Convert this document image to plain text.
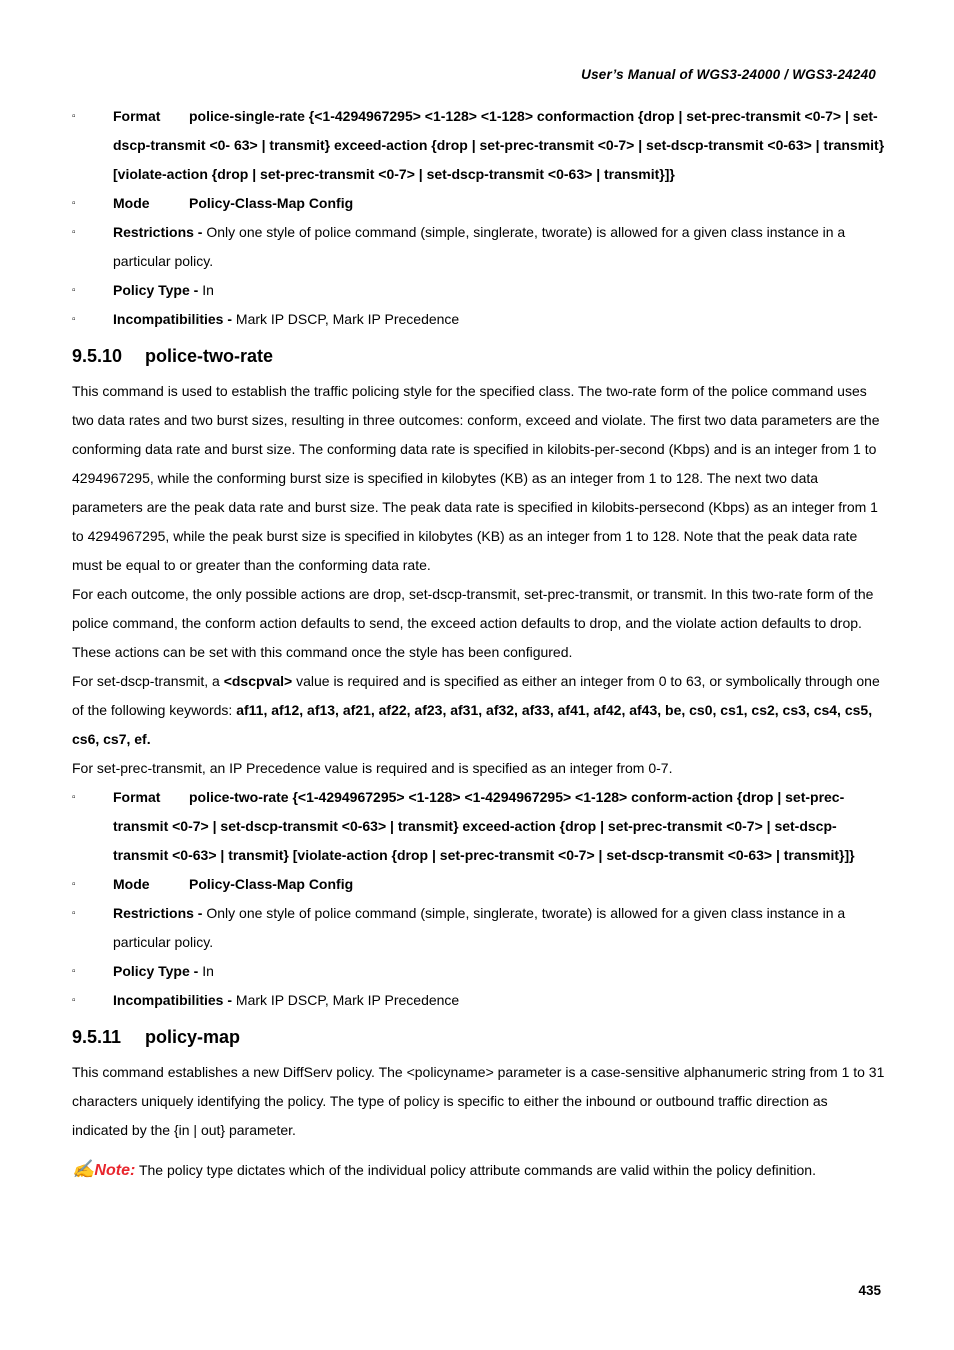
User’s Manual of WGS3-24000 / WGS3-24240
▫	Format police-single-rate {<1-4294967295> <1-128> <1-128> conformaction {drop | set-prec-transmit <0-7> | set-dscp-transmit <0- 63> | transmit} exceed-action {drop | set-prec-transmit <0-7> | set-dscp-transmit <0-63> | transmit} [violate-action {drop | set-prec-transmit <0-7> | set-dscp-transmit <0-63> | transmit}]}
▫	Mode	Policy-Class-Map Config
▫	Restrictions - Only one style of police command (simple, singlerate, tworate) is allowed for a given class instance in a particular policy.
▫	Policy Type - In
▫	Incompatibilities - Mark IP DSCP, Mark IP Precedence
9.5.10 police-two-rate
This command is used to establish the traffic policing style for the specified class. The two-rate form of the police command uses two data rates and two burst sizes, resulting in three outcomes: conform, exceed and violate. The first two data parameters are the conforming data rate and burst size. The conforming data rate is specified in kilobits-per-second (Kbps) and is an integer from 1 to 4294967295, while the conforming burst size is specified in kilobytes (KB) as an integer from 1 to 128. The next two data parameters are the peak data rate and burst size. The peak data rate is specified in kilobits-persecond (Kbps) as an integer from 1 to 4294967295, while the peak burst size is specified in kilobytes (KB) as an integer from 1 to 128. Note that the peak data rate must be equal to or greater than the conforming data rate.
For each outcome, the only possible actions are drop, set-dscp-transmit, set-prec-transmit, or transmit. In this two-rate form of the police command, the conform action defaults to send, the exceed action defaults to drop, and the violate action defaults to drop. These actions can be set with this command once the style has been configured.
For set-dscp-transmit, a <dscpval> value is required and is specified as either an integer from 0 to 63, or symbolically through one of the following keywords: af11, af12, af13, af21, af22, af23, af31, af32, af33, af41, af42, af43, be, cs0, cs1, cs2, cs3, cs4, cs5, cs6, cs7, ef.
For set-prec-transmit, an IP Precedence value is required and is specified as an integer from 0-7.
▫	Format police-two-rate {<1-4294967295> <1-128> <1-4294967295> <1-128> conform-action {drop | set-prec-transmit <0-7> | set-dscp-transmit <0-63> | transmit} exceed-action {drop | set-prec-transmit <0-7> | set-dscp-transmit <0-63> | transmit} [violate-action {drop | set-prec-transmit <0-7> | set-dscp-transmit <0-63> | transmit}]}
▫	Mode	Policy-Class-Map Config
▫	Restrictions - Only one style of police command (simple, singlerate, tworate) is allowed for a given class instance in a particular policy.
▫	Policy Type - In
▫	Incompatibilities - Mark IP DSCP, Mark IP Precedence
9.5.11 policy-map
This command establishes a new DiffServ policy. The <policyname> parameter is a case-sensitive alphanumeric string from 1 to 31 characters uniquely identifying the policy. The type of policy is specific to either the inbound or outbound traffic direction as indicated by the {in | out} parameter.
✍Note: The policy type dictates which of the individual policy attribute commands are valid within the policy definition.
435
